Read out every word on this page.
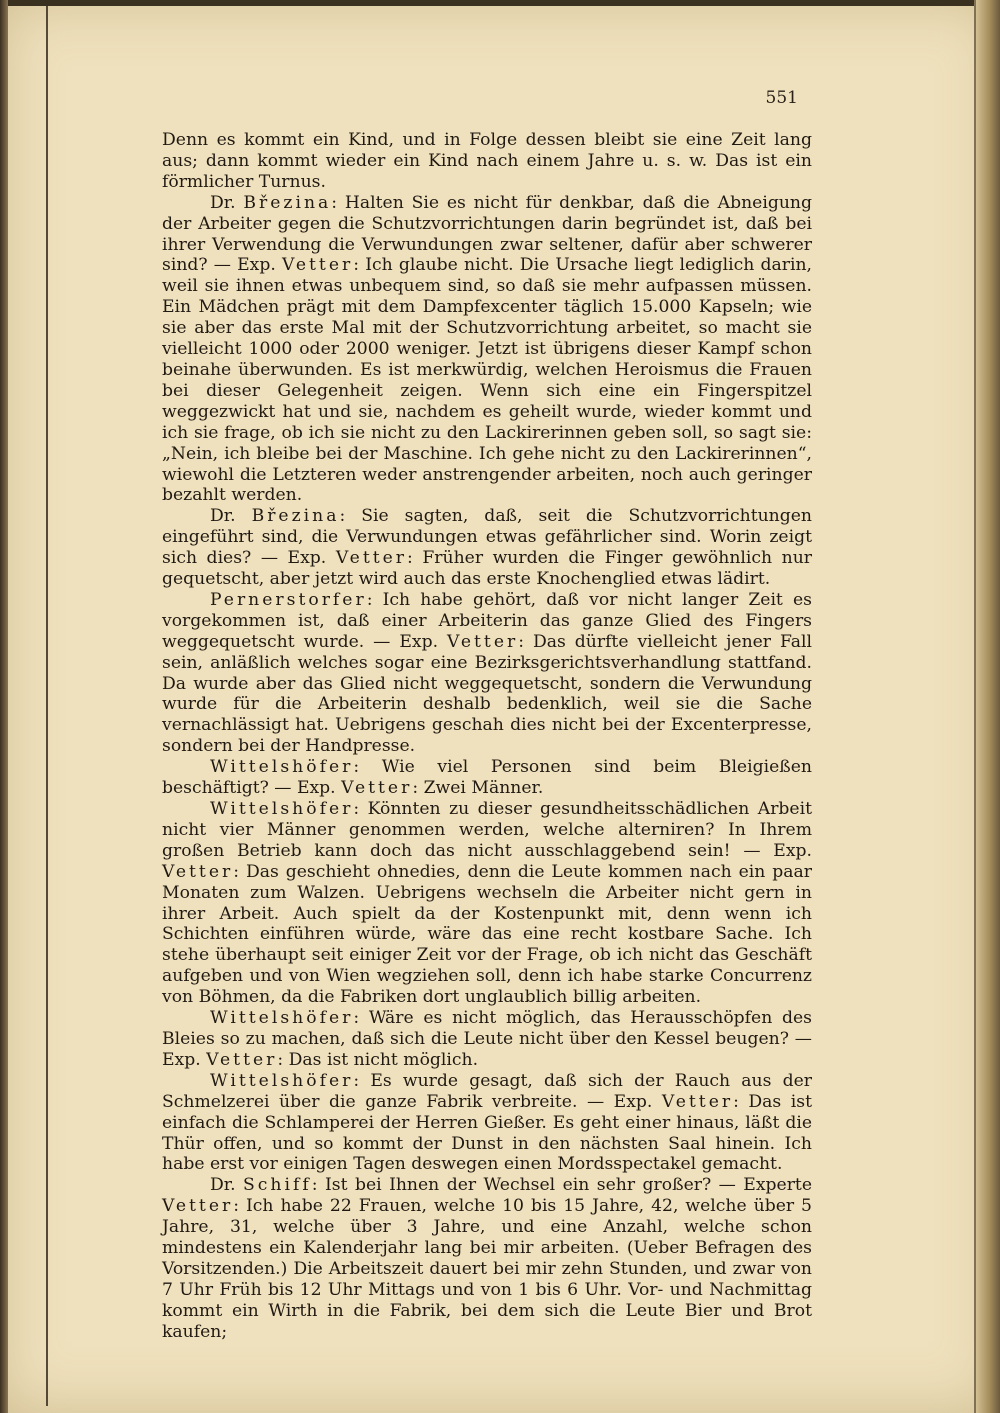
551

Denn es kommt ein Kind, und in Folge dessen bleibt sie eine Zeit lang aus; dann kommt wieder ein Kind nach einem Jahre u. s. w. Das ist ein förmlicher Turnus.

Dr. Březina: Halten Sie es nicht für denkbar, daß die Abneigung der Arbeiter gegen die Schutzvorrichtungen darin begründet ist, daß bei ihrer Verwendung die Verwundungen zwar seltener, dafür aber schwerer sind? — Exp. Vetter: Ich glaube nicht. Die Ursache liegt lediglich darin, weil sie ihnen etwas unbequem sind, so daß sie mehr aufpassen müssen. Ein Mädchen prägt mit dem Dampfexcenter täglich 15.000 Kapseln; wie sie aber das erste Mal mit der Schutzvorrichtung arbeitet, so macht sie vielleicht 1000 oder 2000 weniger. Jetzt ist übrigens dieser Kampf schon beinahe überwunden. Es ist merkwürdig, welchen Heroismus die Frauen bei dieser Gelegenheit zeigen. Wenn sich eine ein Fingerspitzel weggezwickt hat und sie, nachdem es geheilt wurde, wieder kommt und ich sie frage, ob ich sie nicht zu den Lackirerinnen geben soll, so sagt sie: „Nein, ich bleibe bei der Maschine. Ich gehe nicht zu den Lackirerinnen“, wiewohl die Letzteren weder anstrengender arbeiten, noch auch geringer bezahlt werden.

Dr. Březina: Sie sagten, daß, seit die Schutzvorrichtungen eingeführt sind, die Verwundungen etwas gefährlicher sind. Worin zeigt sich dies? — Exp. Vetter: Früher wurden die Finger gewöhnlich nur gequetscht, aber jetzt wird auch das erste Knochenglied etwas lädirt.

Pernerstorfer: Ich habe gehört, daß vor nicht langer Zeit es vorgekommen ist, daß einer Arbeiterin das ganze Glied des Fingers weggequetscht wurde. — Exp. Vetter: Das dürfte vielleicht jener Fall sein, anläßlich welches sogar eine Bezirksgerichtsverhandlung stattfand. Da wurde aber das Glied nicht weggequetscht, sondern die Verwundung wurde für die Arbeiterin deshalb bedenklich, weil sie die Sache vernachlässigt hat. Uebrigens geschah dies nicht bei der Excenterpresse, sondern bei der Handpresse.

Wittelshöfer: Wie viel Personen sind beim Bleigießen beschäftigt? — Exp. Vetter: Zwei Männer.

Wittelshöfer: Könnten zu dieser gesundheitsschädlichen Arbeit nicht vier Männer genommen werden, welche alterniren? In Ihrem großen Betrieb kann doch das nicht ausschlaggebend sein! — Exp. Vetter: Das geschieht ohnedies, denn die Leute kommen nach ein paar Monaten zum Walzen. Uebrigens wechseln die Arbeiter nicht gern in ihrer Arbeit. Auch spielt da der Kostenpunkt mit, denn wenn ich Schichten einführen würde, wäre das eine recht kostbare Sache. Ich stehe überhaupt seit einiger Zeit vor der Frage, ob ich nicht das Geschäft aufgeben und von Wien wegziehen soll, denn ich habe starke Concurrenz von Böhmen, da die Fabriken dort unglaublich billig arbeiten.

Wittelshöfer: Wäre es nicht möglich, das Herausschöpfen des Bleies so zu machen, daß sich die Leute nicht über den Kessel beugen? — Exp. Vetter: Das ist nicht möglich.

Wittelshöfer: Es wurde gesagt, daß sich der Rauch aus der Schmelzerei über die ganze Fabrik verbreite. — Exp. Vetter: Das ist einfach die Schlamperei der Herren Gießer. Es geht einer hinaus, läßt die Thür offen, und so kommt der Dunst in den nächsten Saal hinein. Ich habe erst vor einigen Tagen deswegen einen Mordsspectakel gemacht.

Dr. Schiff: Ist bei Ihnen der Wechsel ein sehr großer? — Experte Vetter: Ich habe 22 Frauen, welche 10 bis 15 Jahre, 42, welche über 5 Jahre, 31, welche über 3 Jahre, und eine Anzahl, welche schon mindestens ein Kalenderjahr lang bei mir arbeiten. (Ueber Befragen des Vorsitzenden.) Die Arbeitszeit dauert bei mir zehn Stunden, und zwar von 7 Uhr Früh bis 12 Uhr Mittags und von 1 bis 6 Uhr. Vor- und Nachmittag kommt ein Wirth in die Fabrik, bei dem sich die Leute Bier und Brot kaufen;
